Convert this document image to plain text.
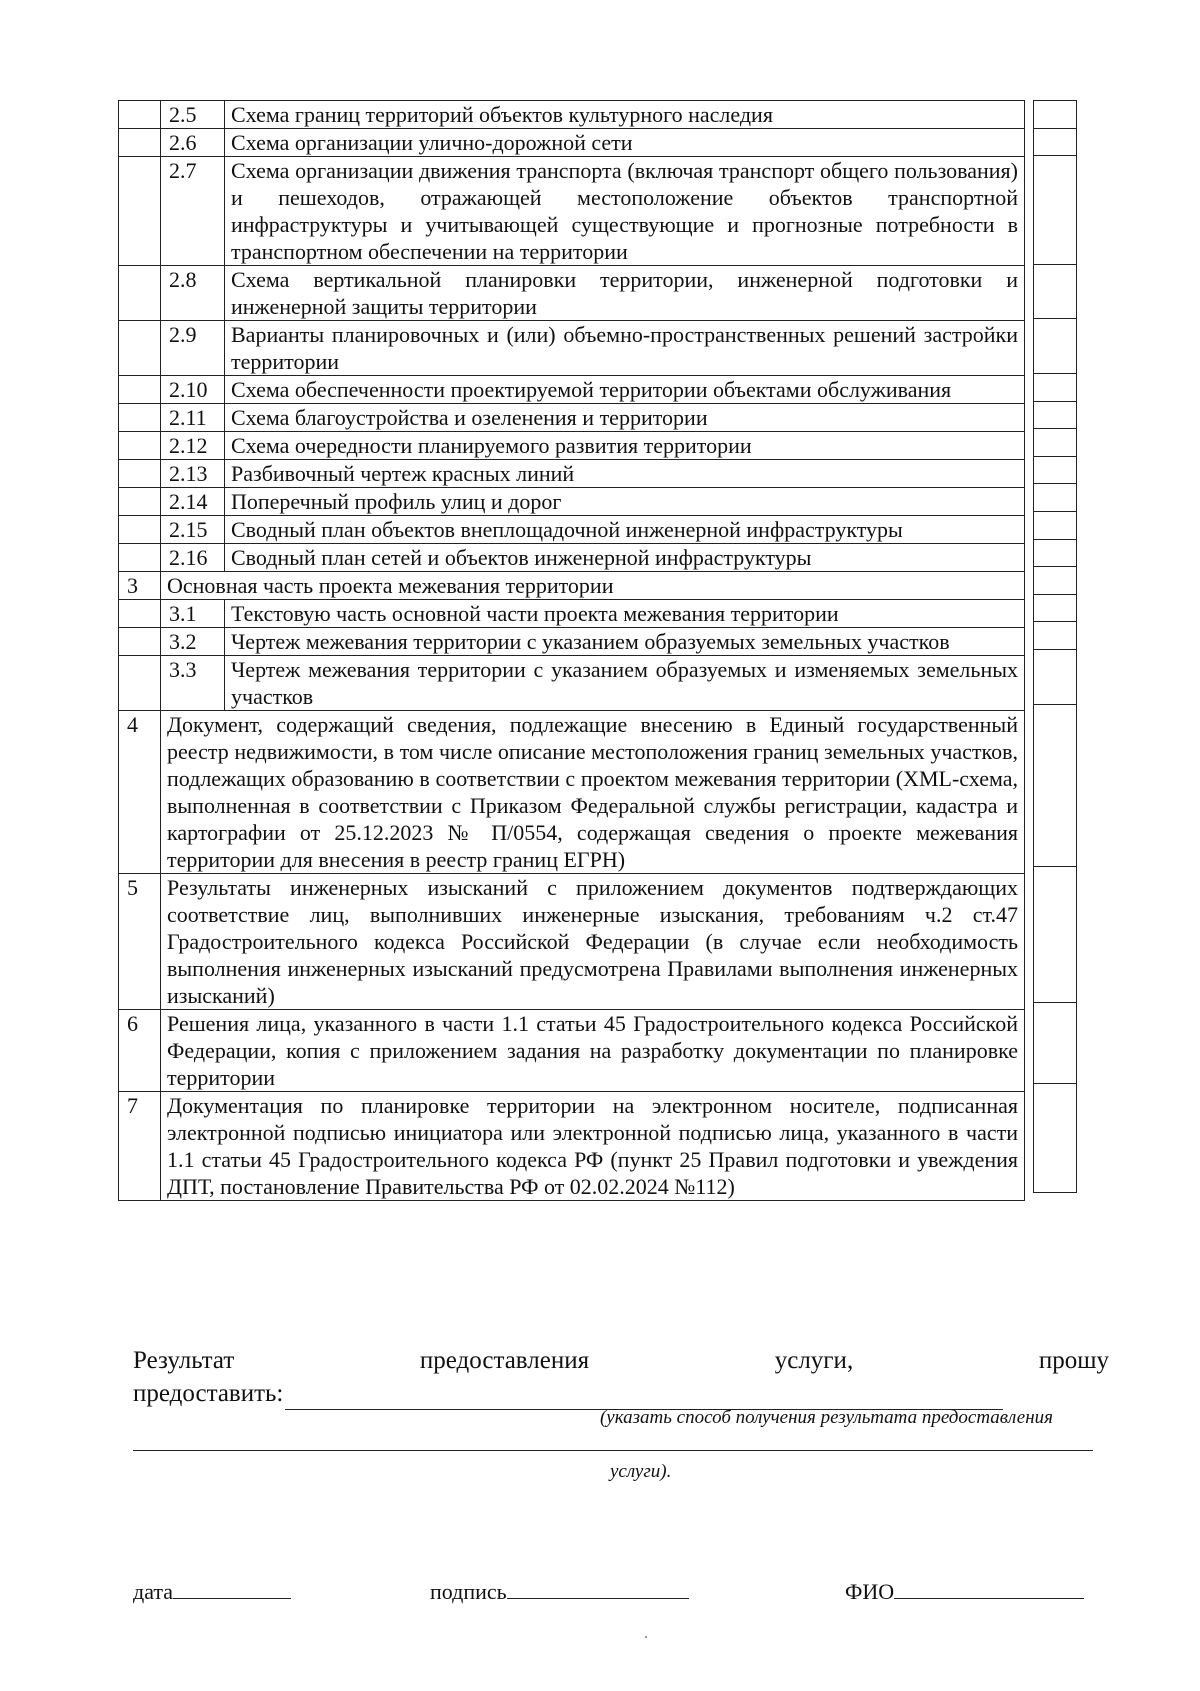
	2.5	Схема границ территорий объектов культурного наследия
	2.6	Схема организации улично-дорожной сети
	2.7	Схема организации движения транспорта (включая транспорт общего пользования) и пешеходов, отражающей местоположение объектов транспортной инфраструктуры и учитывающей существующие и прогнозные потребности в транспортном обеспечении на территории
	2.8	Схема вертикальной планировки территории, инженерной подготовки и инженерной защиты территории
	2.9	Варианты планировочных и (или) объемно-пространственных решений застройки территории
	2.10	Схема обеспеченности проектируемой территории объектами обслуживания
	2.11	Схема благоустройства и озеленения и территории
	2.12	Схема очередности планируемого развития территории
	2.13	Разбивочный чертеж красных линий
	2.14	Поперечный профиль улиц и дорог
	2.15	Сводный план объектов внеплощадочной инженерной инфраструктуры
	2.16	Сводный план сетей и объектов инженерной инфраструктуры
3	Основная часть проекта межевания территории	
	3.1	Текстовую часть основной части проекта межевания территории
	3.2	Чертеж межевания территории с указанием образуемых земельных участков
	3.3	Чертеж межевания территории с указанием образуемых и изменяемых земельных участков
4	Документ, содержащий сведения, подлежащие внесению в Единый государственный реестр недвижимости, в том числе описание местоположения границ земельных участков, подлежащих образованию в соответствии с проектом межевания территории (XML-схема, выполненная в соответствии с Приказом Федеральной службы регистрации, кадастра и картографии от 25.12.2023 № П/0554, содержащая сведения о проекте межевания территории для внесения в реестр границ ЕГРН)	
5	Результаты инженерных изысканий с приложением документов подтверждающих соответствие лиц, выполнивших инженерные изыскания, требованиям ч.2 ст.47 Градостроительного кодекса Российской Федерации (в случае если необходимость выполнения инженерных изысканий предусмотрена Правилами выполнения инженерных изысканий)	
6	Решения лица, указанного в части 1.1 статьи 45 Градостроительного кодекса Российской Федерации, копия с приложением задания на разработку документации по планировке территории	
7	Документация по планировке территории на электронном носителе, подписанная электронной подписью инициатора или электронной подписью лица, указанного в части 1.1 статьи 45 Градостроительного кодекса РФ (пункт 25 Правил подготовки и увеждения ДПТ, постановление Правительства РФ от 02.02.2024 №112)	

Результат	предоставления	услуги,	прошу
предоставить:
(указать способ получения результата предоставления
услуги).
дата	подпись	ФИО
